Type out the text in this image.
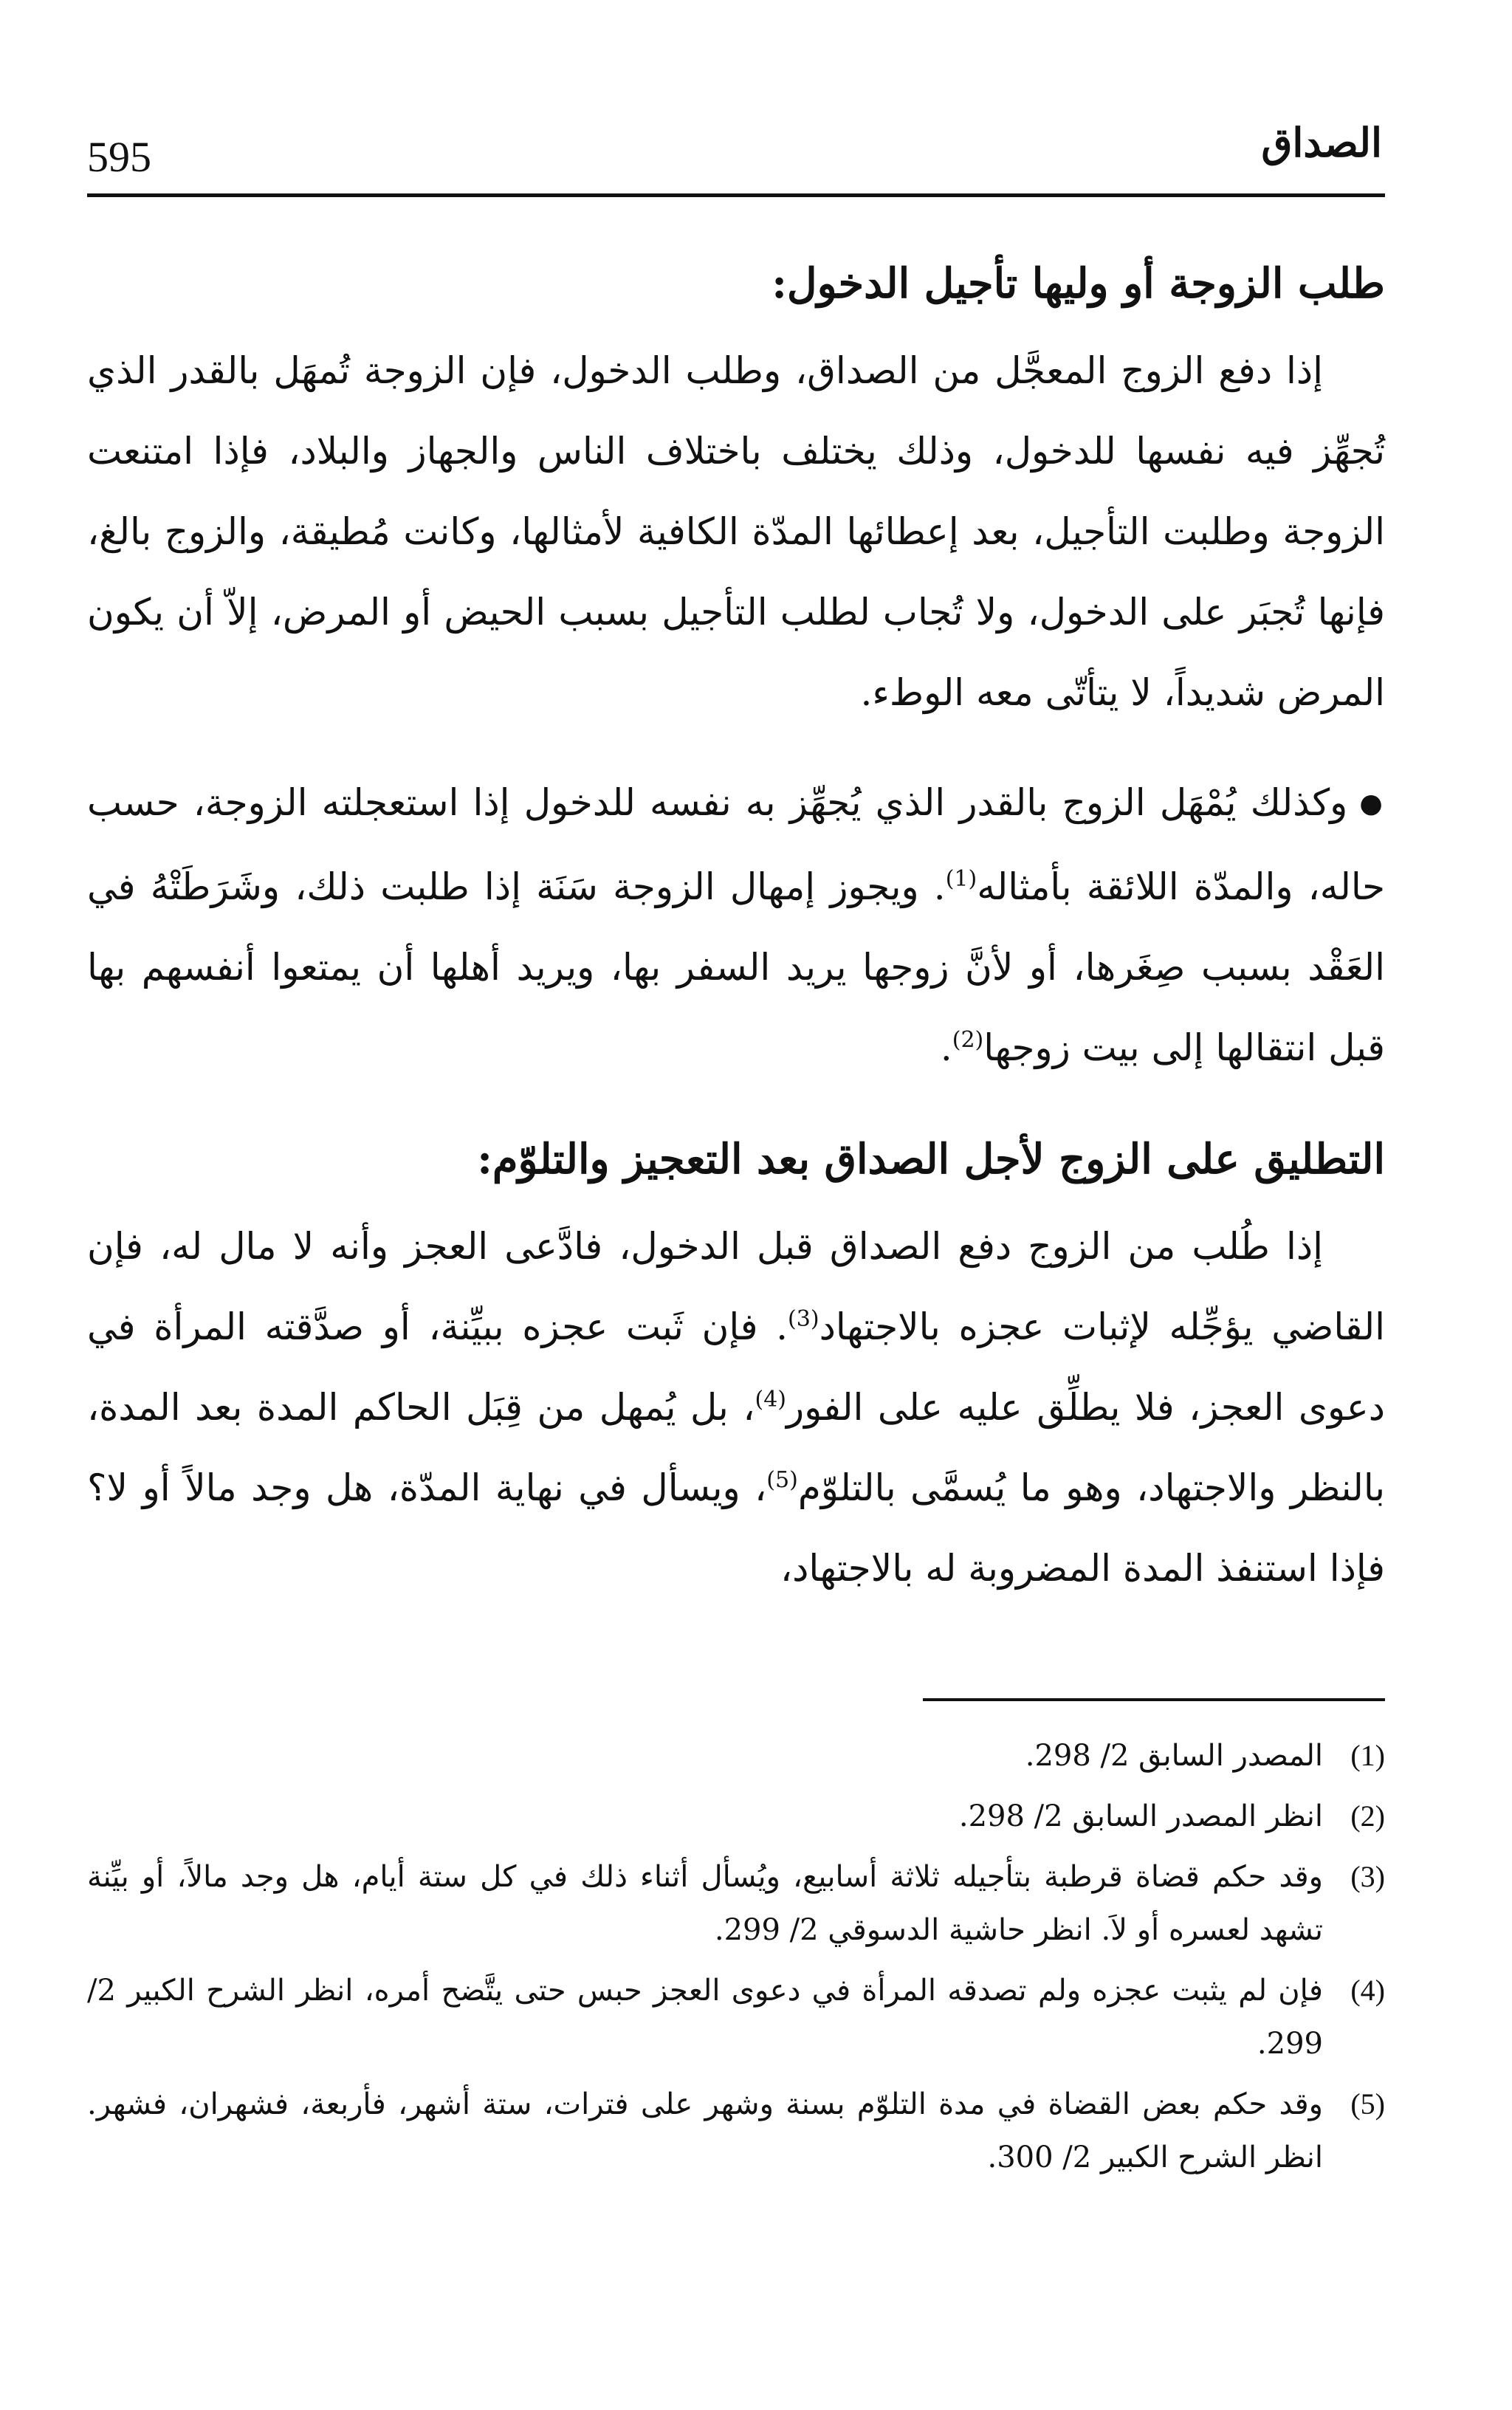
595	الصداق
طلب الزوجة أو وليها تأجيل الدخول:

إذا دفع الزوج المعجَّل من الصداق، وطلب الدخول، فإن الزوجة تُمهَل بالقدر الذي تُجهِّز فيه نفسها للدخول، وذلك يختلف باختلاف الناس والجهاز والبلاد، فإذا امتنعت الزوجة وطلبت التأجيل، بعد إعطائها المدّة الكافية لأمثالها، وكانت مُطيقة، والزوج بالغ، فإنها تُجبَر على الدخول، ولا تُجاب لطلب التأجيل بسبب الحيض أو المرض، إلاّ أن يكون المرض شديداً، لا يتأتّى معه الوطء.

●وكذلك يُمْهَل الزوج بالقدر الذي يُجهِّز به نفسه للدخول إذا استعجلته الزوجة، حسب حاله، والمدّة اللائقة بأمثاله$^{(1)}$. ويجوز إمهال الزوجة سَنَة إذا طلبت ذلك، وشَرَطَتْهُ في العَقْد بسبب صِغَرها، أو لأنَّ زوجها يريد السفر بها، ويريد أهلها أن يمتعوا أنفسهم بها قبل انتقالها إلى بيت زوجها$^{(2)}$.

التطليق على الزوج لأجل الصداق بعد التعجيز والتلوّم:

إذا طُلب من الزوج دفع الصداق قبل الدخول، فادَّعى العجز وأنه لا مال له، فإن القاضي يؤجِّله لإثبات عجزه بالاجتهاد$^{(3)}$. فإن ثَبت عجزه ببيِّنة، أو صدَّقته المرأة في دعوى العجز، فلا يطلِّق عليه على الفور$^{(4)}$، بل يُمهل من قِبَل الحاكم المدة بعد المدة، بالنظر والاجتهاد، وهو ما يُسمَّى بالتلوّم$^{(5)}$، ويسأل في نهاية المدّة، هل وجد مالاً أو لا؟ فإذا استنفذ المدة المضروبة له بالاجتهاد،

(1)
المصدر السابق 2/ 298.
(2)
انظر المصدر السابق 2/ 298.
(3)
وقد حكم قضاة قرطبة بتأجيله ثلاثة أسابيع، ويُسأل أثناء ذلك في كل ستة أيام، هل وجد مالاً، أو بيِّنة تشهد لعسره أو لاَ. انظر حاشية الدسوقي 2/ 299.
(4)
فإن لم يثبت عجزه ولم تصدقه المرأة في دعوى العجز حبس حتى يتَّضح أمره، انظر الشرح الكبير 2/ 299.
(5)
وقد حكم بعض القضاة في مدة التلوّم بسنة وشهر على فترات، ستة أشهر، فأربعة، فشهران، فشهر. انظر الشرح الكبير 2/ 300.
